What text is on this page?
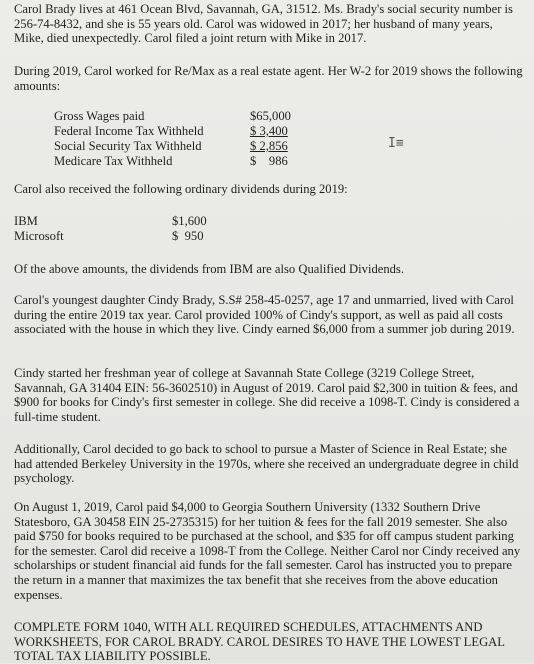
Carol Brady lives at 461 Ocean Blvd, Savannah, GA, 31512. Ms. Brady's social security number is 256-74-8432, and she is 55 years old. Carol was widowed in 2017; her husband of many years, Mike, died unexpectedly. Carol filed a joint return with Mike in 2017.

During 2019, Carol worked for Re/Max as a real estate agent. Her W-2 for 2019 shows the following amounts:

Gross Wages paid	$65,000
Federal Income Tax Withheld	$ 3,400
Social Security Tax Withheld	$ 2,856
Medicare Tax Withheld	$    986
I≡

Carol also received the following ordinary dividends during 2019:

IBM	$1,600
Microsoft	$  950

Of the above amounts, the dividends from IBM are also Qualified Dividends.

Carol's youngest daughter Cindy Brady, S.S# 258-45-0257, age 17 and unmarried, lived with Carol during the entire 2019 tax year. Carol provided 100% of Cindy's support, as well as paid all costs associated with the house in which they live. Cindy earned $6,000 from a summer job during 2019.

Cindy started her freshman year of college at Savannah State College (3219 College Street, Savannah, GA 31404 EIN: 56-3602510) in August of 2019. Carol paid $2,300 in tuition & fees, and $900 for books for Cindy's first semester in college. She did receive a 1098-T. Cindy is considered a full-time student.

Additionally, Carol decided to go back to school to pursue a Master of Science in Real Estate; she had attended Berkeley University in the 1970s, where she received an undergraduate degree in child psychology.

On August 1, 2019, Carol paid $4,000 to Georgia Southern University (1332 Southern Drive Statesboro, GA 30458 EIN 25-2735315) for her tuition & fees for the fall 2019 semester. She also paid $750 for books required to be purchased at the school, and $35 for off campus student parking for the semester. Carol did receive a 1098-T from the College. Neither Carol nor Cindy received any scholarships or student financial aid funds for the fall semester. Carol has instructed you to prepare the return in a manner that maximizes the tax benefit that she receives from the above education expenses.

COMPLETE FORM 1040, WITH ALL REQUIRED SCHEDULES, ATTACHMENTS AND WORKSHEETS, FOR CAROL BRADY. CAROL DESIRES TO HAVE THE LOWEST LEGAL TOTAL TAX LIABILITY POSSIBLE.
